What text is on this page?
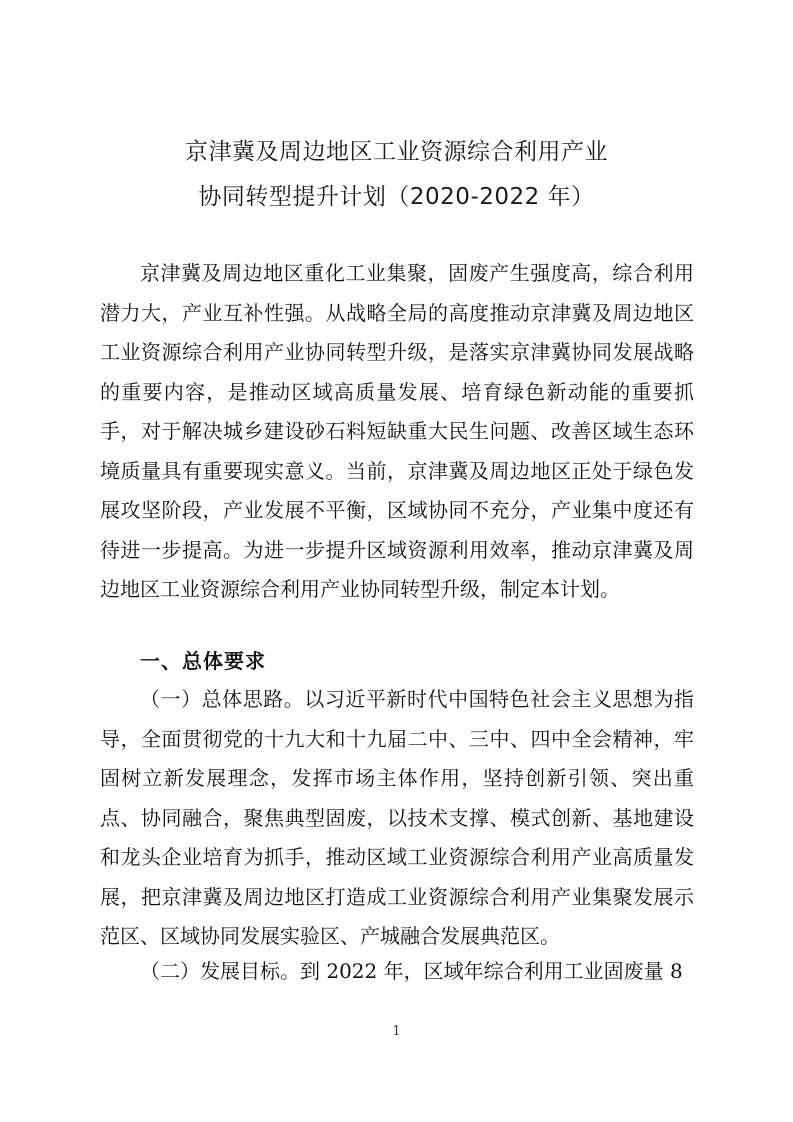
京津冀及周边地区工业资源综合利用产业
协同转型提升计划（2020-2022 年）

京津冀及周边地区重化工业集聚，固废产生强度高，综合利用潜力大，产业互补性强。从战略全局的高度推动京津冀及周边地区工业资源综合利用产业协同转型升级，是落实京津冀协同发展战略的重要内容，是推动区域高质量发展、培育绿色新动能的重要抓手，对于解决城乡建设砂石料短缺重大民生问题、改善区域生态环境质量具有重要现实意义。当前，京津冀及周边地区正处于绿色发展攻坚阶段，产业发展不平衡，区域协同不充分，产业集中度还有待进一步提高。为进一步提升区域资源利用效率，推动京津冀及周边地区工业资源综合利用产业协同转型升级，制定本计划。

一、总体要求

（一）总体思路。以习近平新时代中国特色社会主义思想为指导，全面贯彻党的十九大和十九届二中、三中、四中全会精神，牢固树立新发展理念，发挥市场主体作用，坚持创新引领、突出重点、协同融合，聚焦典型固废，以技术支撑、模式创新、基地建设和龙头企业培育为抓手，推动区域工业资源综合利用产业高质量发展，把京津冀及周边地区打造成工业资源综合利用产业集聚发展示范区、区域协同发展实验区、产城融合发展典范区。

（二）发展目标。到 2022 年，区域年综合利用工业固废量 8

1
